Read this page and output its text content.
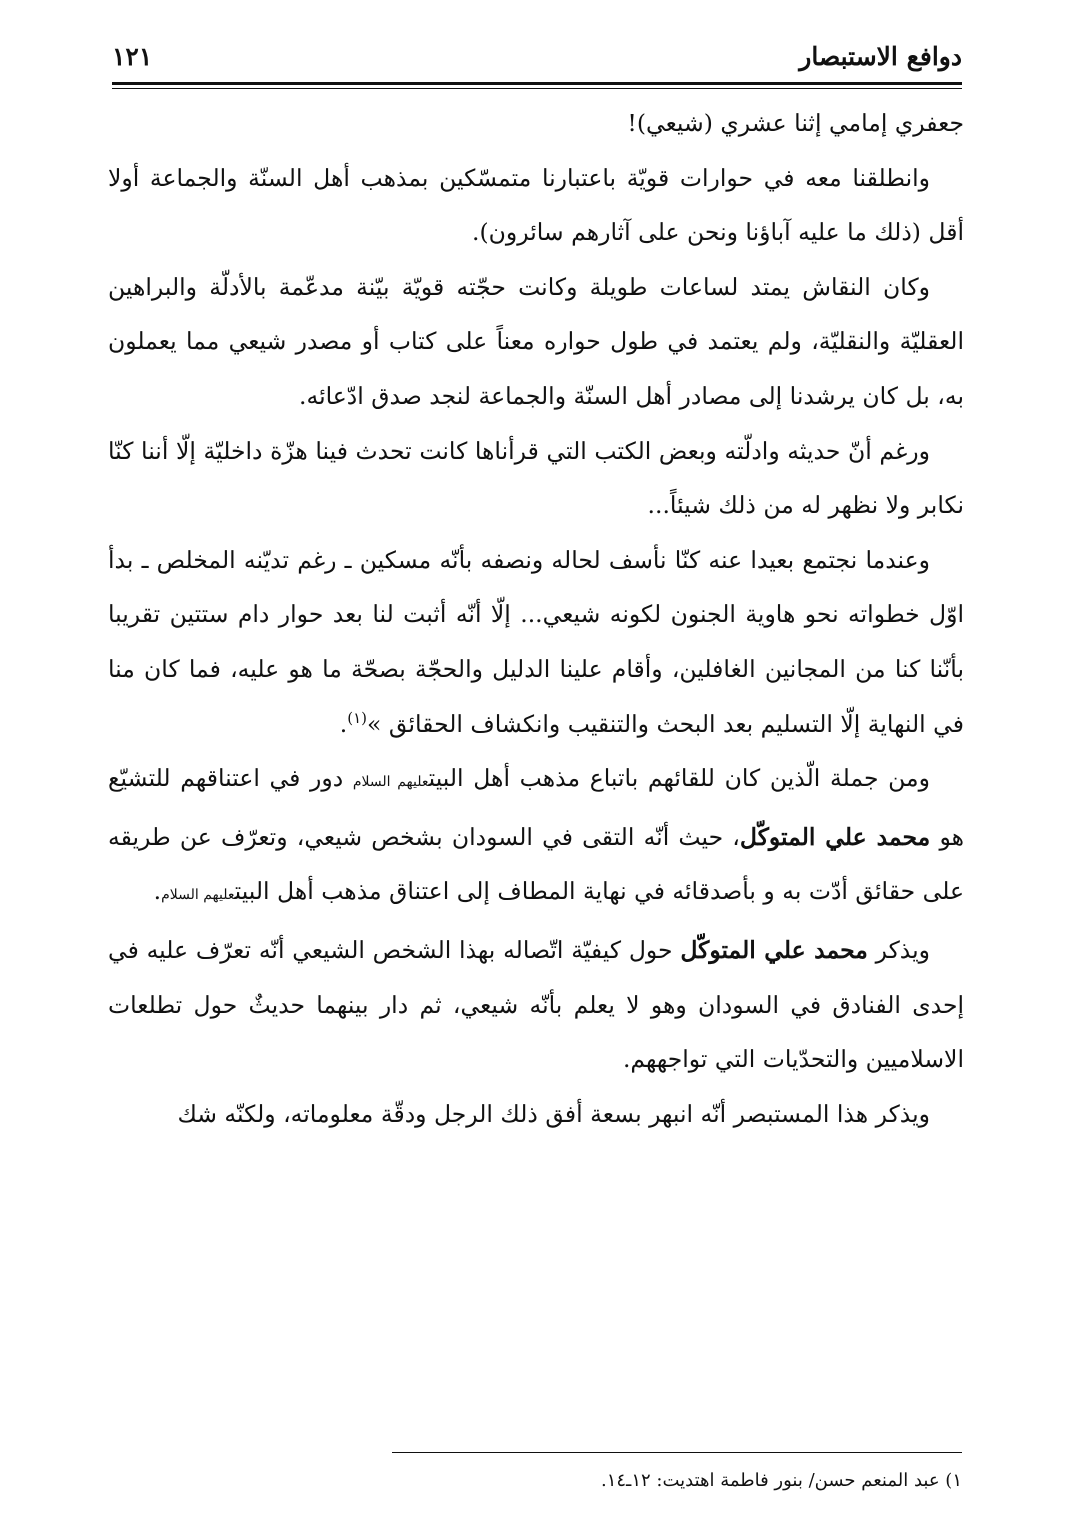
دوافع الاستبصار
١٢١

جعفري إمامي إثنا عشري (شيعي)!

وانطلقنا معه في حوارات قويّة باعتبارنا متمسّكين بمذهب أهل السنّة والجماعة أولا أقل (ذلك ما عليه آباؤنا ونحن على آثارهم سائرون).

وكان النقاش يمتد لساعات طويلة وكانت حجّته قويّة بيّنة مدعّمة بالأدلّة والبراهين العقليّة والنقليّة، ولم يعتمد في طول حواره معناً على كتاب أو مصدر شيعي مما يعملون به، بل كان يرشدنا إلى مصادر أهل السنّة والجماعة لنجد صدق ادّعائه.

ورغم أنّ حديثه وادلّته وبعض الكتب التي قرأناها كانت تحدث فينا هزّة داخليّة إلّا أننا كنّا نكابر ولا نظهر له من ذلك شيئاً...

وعندما نجتمع بعيدا عنه كنّا نأسف لحاله ونصفه بأنّه مسكين ـ رغم تديّنه المخلص ـ بدأ اوّل خطواته نحو هاوية الجنون لكونه شيعي... إلّا أنّه أثبت لنا بعد حوار دام ستتين تقريبا بأنّنا كنا من المجانين الغافلين، وأقام علينا الدليل والحجّة بصحّة ما هو عليه، فما كان منا في النهاية إلّا التسليم بعد البحث والتنقيب وانكشاف الحقائق »$^{(١)}$.

ومن جملة الّذين كان للقائهم باتباع مذهب أهل البيتعليهم السلام دور في اعتناقهم للتشيّع هو محمد علي المتوكّل، حيث أنّه التقى في السودان بشخص شيعي، وتعرّف عن طريقه على حقائق أدّت به و بأصدقائه في نهاية المطاف إلى اعتناق مذهب أهل البيتعليهم السلام.

ويذكر محمد علي المتوكّل حول كيفيّة اتّصاله بهذا الشخص الشيعي أنّه تعرّف عليه في إحدى الفنادق في السودان وهو لا يعلم بأنّه شيعي، ثم دار بينهما حديثٌ حول تطلعات الاسلاميين والتحدّيات التي تواجههم.

ويذكر هذا المستبصر أنّه انبهر بسعة أفق ذلك الرجل ودقّة معلوماته، ولكنّه شك

١) عبد المنعم حسن/ بنور فاطمة اهتديت: ١٢ـ١٤.
